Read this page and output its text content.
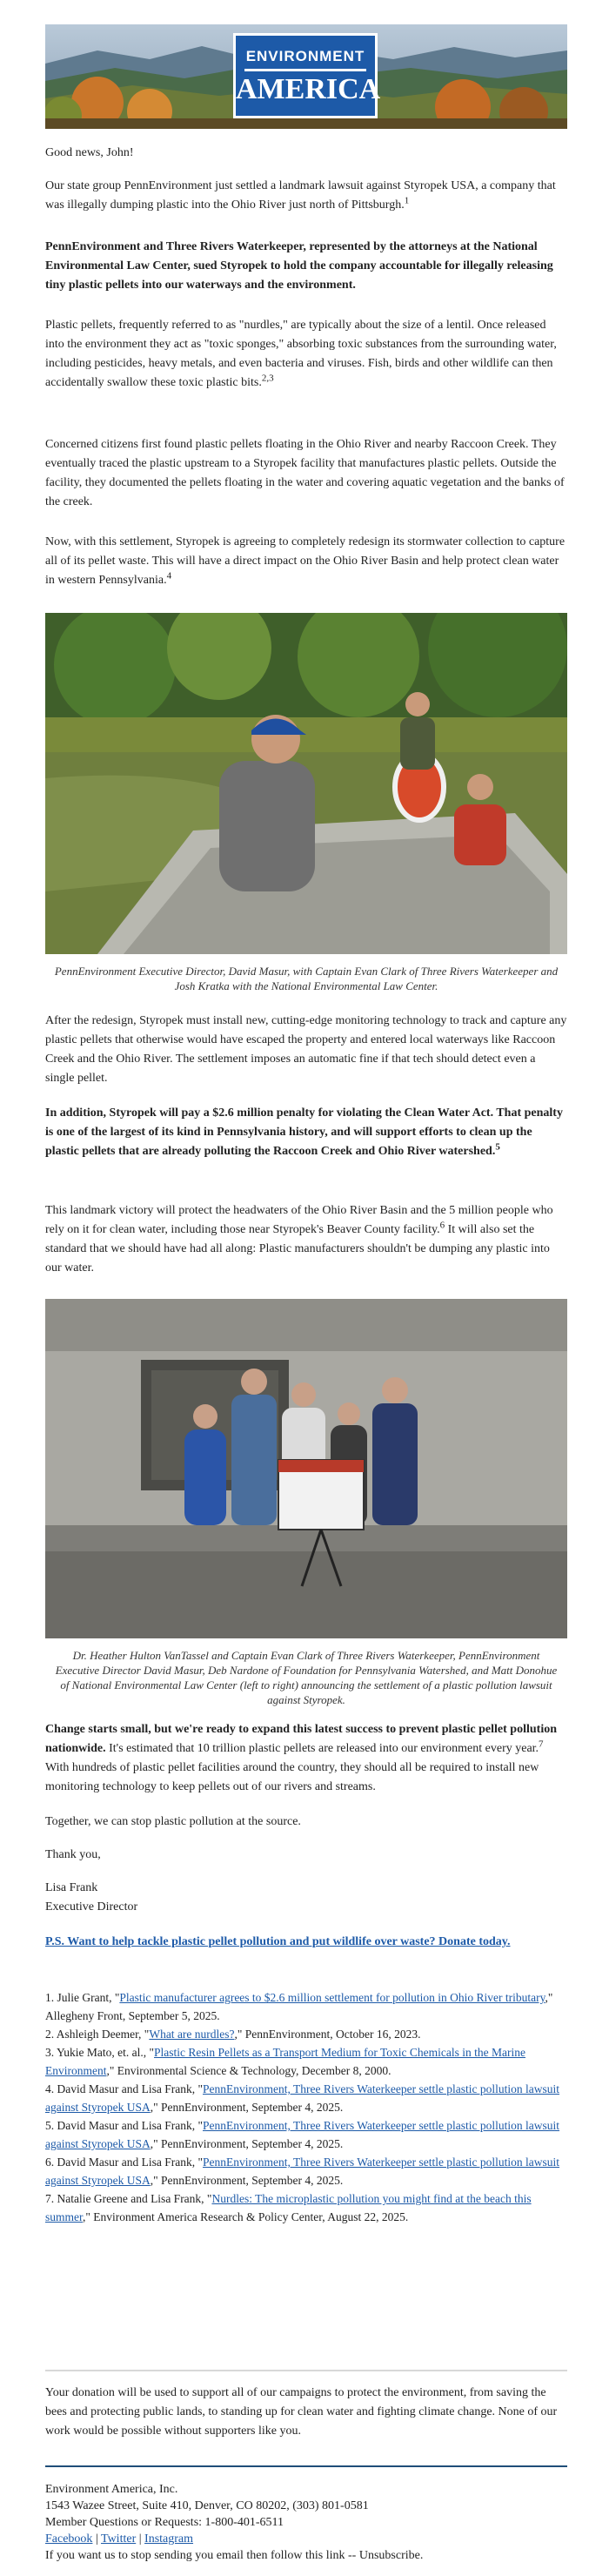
ENVIRONMENT
AMERICA

Good news, John!

Our state group PennEnvironment just settled a landmark lawsuit against Styropek USA, a company that was illegally dumping plastic into the Ohio River just north of Pittsburgh.$^1$

PennEnvironment and Three Rivers Waterkeeper, represented by the attorneys at the National Environmental Law Center, sued Styropek to hold the company accountable for illegally releasing tiny plastic pellets into our waterways and the environment.

Plastic pellets, frequently referred to as "nurdles," are typically about the size of a lentil. Once released into the environment they act as "toxic sponges," absorbing toxic substances from the surrounding water, including pesticides, heavy metals, and even bacteria and viruses. Fish, birds and other wildlife can then accidentally swallow these toxic plastic bits.$^{2,3}$

Concerned citizens first found plastic pellets floating in the Ohio River and nearby Raccoon Creek. They eventually traced the plastic upstream to a Styropek facility that manufactures plastic pellets. Outside the facility, they documented the pellets floating in the water and covering aquatic vegetation and the banks of the creek.

Now, with this settlement, Styropek is agreeing to completely redesign its stormwater collection to capture all of its pellet waste. This will have a direct impact on the Ohio River Basin and help protect clean water in western Pennsylvania.$^4$

PennEnvironment Executive Director, David Masur, with Captain Evan Clark of Three Rivers Waterkeeper and Josh Kratka with the National Environmental Law Center.

After the redesign, Styropek must install new, cutting-edge monitoring technology to track and capture any plastic pellets that otherwise would have escaped the property and entered local waterways like Raccoon Creek and the Ohio River. The settlement imposes an automatic fine if that tech should detect even a single pellet.

In addition, Styropek will pay a $2.6 million penalty for violating the Clean Water Act. That penalty is one of the largest of its kind in Pennsylvania history, and will support efforts to clean up the plastic pellets that are already polluting the Raccoon Creek and Ohio River watershed.$^5$

This landmark victory will protect the headwaters of the Ohio River Basin and the 5 million people who rely on it for clean water, including those near Styropek's Beaver County facility.$^6$ It will also set the standard that we should have had all along: Plastic manufacturers shouldn't be dumping any plastic into our water.

Dr. Heather Hulton VanTassel and Captain Evan Clark of Three Rivers Waterkeeper, PennEnvironment Executive Director David Masur, Deb Nardone of Foundation for Pennsylvania Watershed, and Matt Donohue of National Environmental Law Center (left to right) announcing the settlement of a plastic pollution lawsuit against Styropek.

Change starts small, but we're ready to expand this latest success to prevent plastic pellet pollution nationwide. It's estimated that 10 trillion plastic pellets are released into our environment every year.$^7$ With hundreds of plastic pellet facilities around the country, they should all be required to install new monitoring technology to keep pellets out of our rivers and streams.

Together, we can stop plastic pollution at the source.

Thank you,

Lisa Frank

Executive Director

P.S. Want to help tackle plastic pellet pollution and put wildlife over waste? Donate today.

1. Julie Grant, "Plastic manufacturer agrees to $2.6 million settlement for pollution in Ohio River tributary," Allegheny Front, September 5, 2025.

2. Ashleigh Deemer, "What are nurdles?," PennEnvironment, October 16, 2023.

3. Yukie Mato, et. al., "Plastic Resin Pellets as a Transport Medium for Toxic Chemicals in the Marine Environment," Environmental Science & Technology, December 8, 2000.

4. David Masur and Lisa Frank, "PennEnvironment, Three Rivers Waterkeeper settle plastic pollution lawsuit against Styropek USA," PennEnvironment, September 4, 2025.

5. David Masur and Lisa Frank, "PennEnvironment, Three Rivers Waterkeeper settle plastic pollution lawsuit against Styropek USA," PennEnvironment, September 4, 2025.

6. David Masur and Lisa Frank, "PennEnvironment, Three Rivers Waterkeeper settle plastic pollution lawsuit against Styropek USA," PennEnvironment, September 4, 2025.

7. Natalie Greene and Lisa Frank, "Nurdles: The microplastic pollution you might find at the beach this summer," Environment America Research & Policy Center, August 22, 2025.

Your donation will be used to support all of our campaigns to protect the environment, from saving the bees and protecting public lands, to standing up for clean water and fighting climate change. None of our work would be possible without supporters like you.

Environment America, Inc.

1543 Wazee Street, Suite 410, Denver, CO 80202, (303) 801-0581

Member Questions or Requests: 1-800-401-6511

Facebook | Twitter | Instagram

If you want us to stop sending you email then follow this link -- Unsubscribe.
